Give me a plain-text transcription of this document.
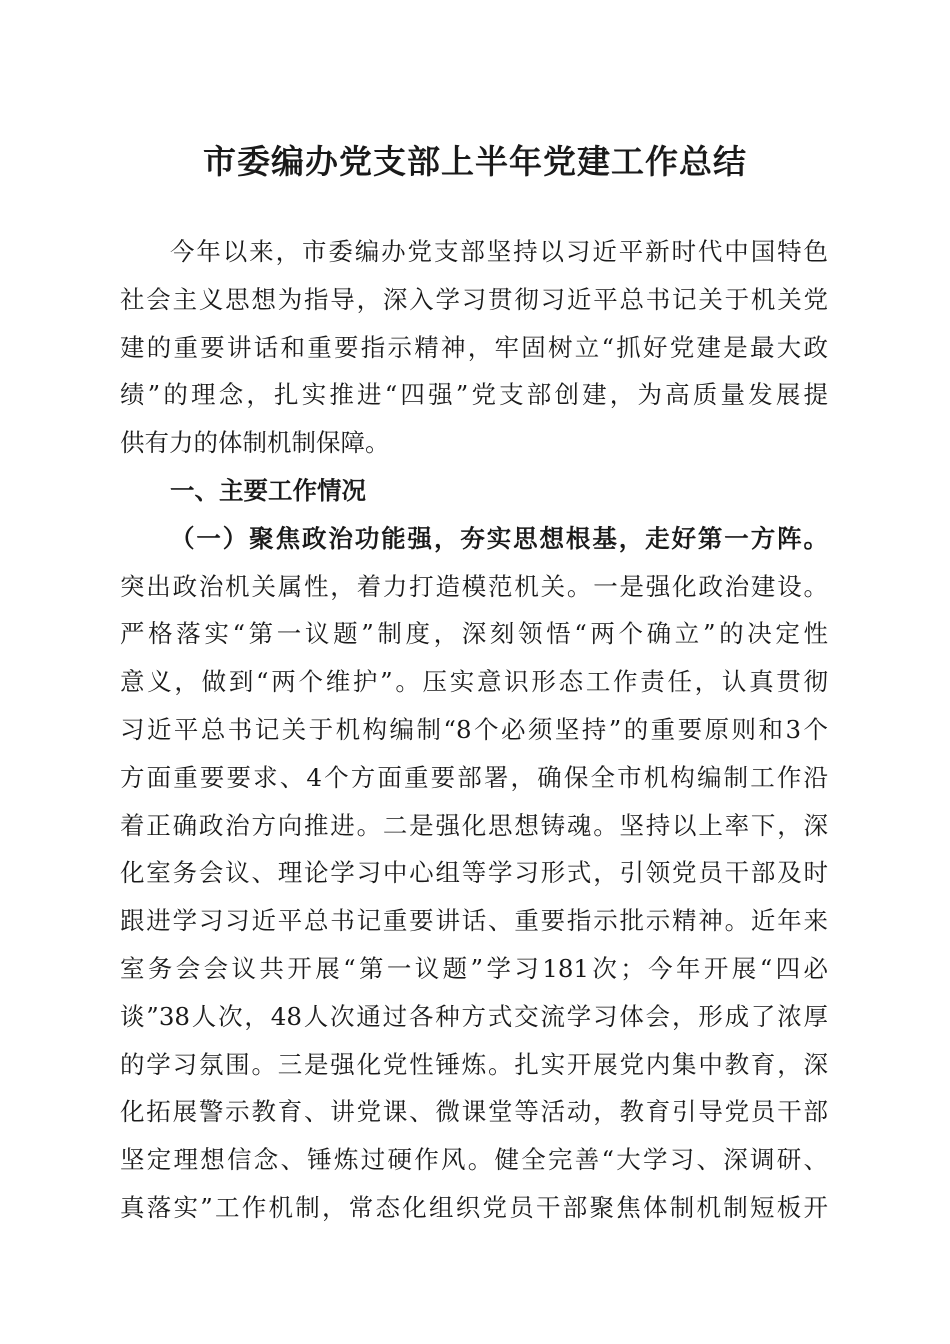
市委编办党支部上半年党建工作总结
今年以来，市委编办党支部坚持以习近平新时代中国特色
社会主义思想为指导，深入学习贯彻习近平总书记关于机关党
建的重要讲话和重要指示精神，牢固树立“抓好党建是最大政
绩”的理念，扎实推进“四强”党支部创建，为高质量发展提
供有力的体制机制保障。
一、主要工作情况
（一）聚焦政治功能强，夯实思想根基，走好第一方阵。
突出政治机关属性，着力打造模范机关。一是强化政治建设。
严格落实“第一议题”制度，深刻领悟“两个确立”的决定性
意义，做到“两个维护”。压实意识形态工作责任，认真贯彻
习近平总书记关于机构编制“8个必须坚持”的重要原则和3个
方面重要要求、4个方面重要部署，确保全市机构编制工作沿
着正确政治方向推进。二是强化思想铸魂。坚持以上率下，深
化室务会议、理论学习中心组等学习形式，引领党员干部及时
跟进学习习近平总书记重要讲话、重要指示批示精神。近年来
室务会会议共开展“第一议题”学习181次；今年开展“四必
谈”38人次，48人次通过各种方式交流学习体会，形成了浓厚
的学习氛围。三是强化党性锤炼。扎实开展党内集中教育，深
化拓展警示教育、讲党课、微课堂等活动，教育引导党员干部
坚定理想信念、锤炼过硬作风。健全完善“大学习、深调研、
真落实”工作机制，常态化组织党员干部聚焦体制机制短板开
